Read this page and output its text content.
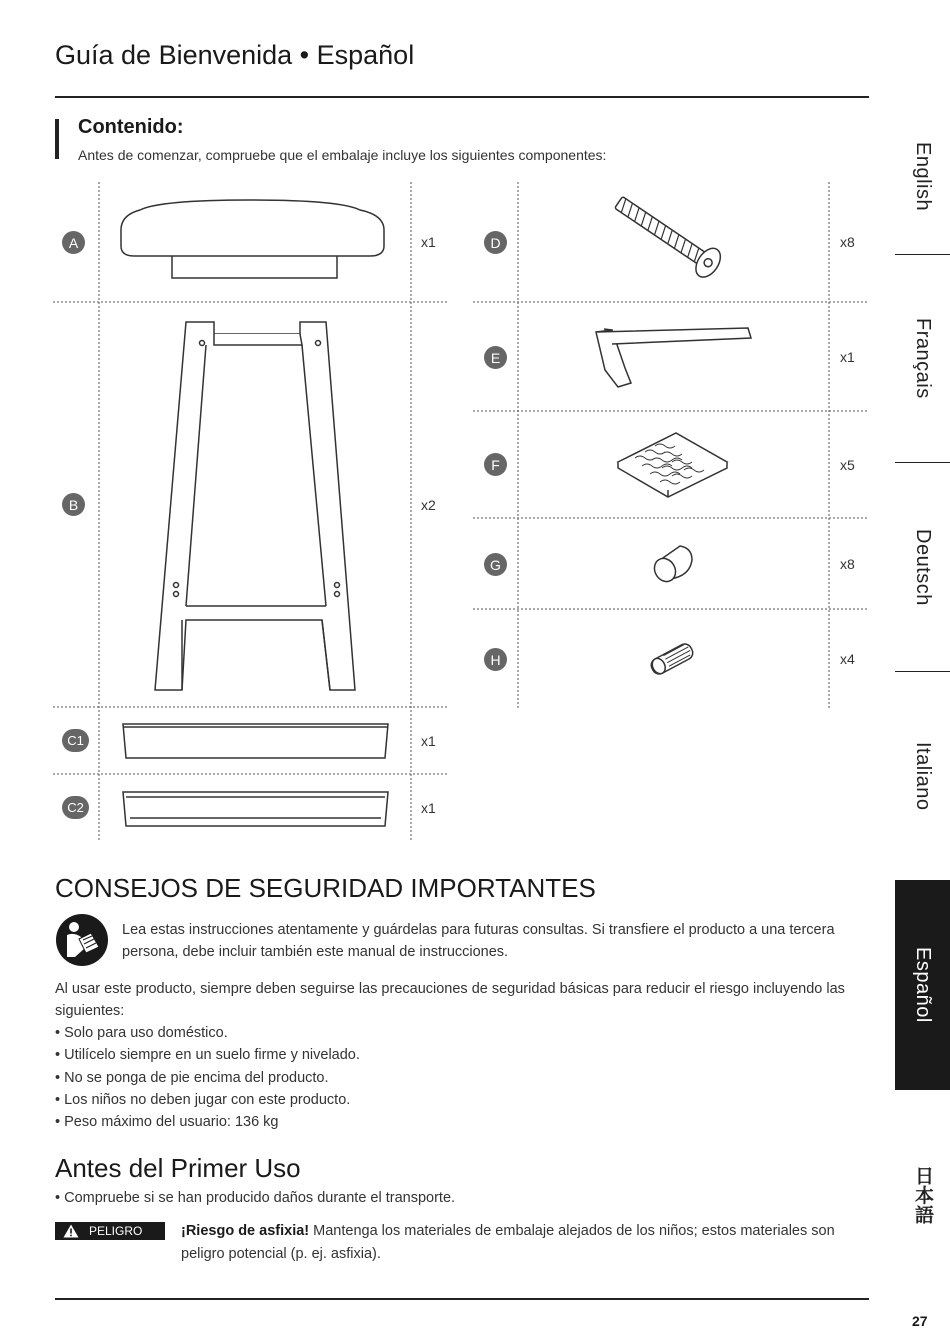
Guía de Bienvenida • Español
Contenido:
Antes de comenzar, compruebe que el embalaje incluye los siguientes componentes:
A	x1
B	x2
C1	x1
C2	x1
D	x8
E	x1
F	x5
G	x8
H	x4
CONSEJOS DE SEGURIDAD IMPORTANTES
Lea estas instrucciones atentamente y guárdelas para futuras consultas. Si transfiere el producto a una tercera persona, debe incluir también este manual de instrucciones.
Al usar este producto, siempre deben seguirse las precauciones de seguridad básicas para reducir el riesgo incluyendo las siguientes:
• Solo para uso doméstico.
• Utilícelo siempre en un suelo firme y nivelado.
• No se ponga de pie encima del producto.
• Los niños no deben jugar con este producto.
• Peso máximo del usuario: 136 kg
Antes del Primer Uso
• Compruebe si se han producido daños durante el transporte.
PELIGRO	¡Riesgo de asfixia! Mantenga los materiales de embalaje alejados de los niños; estos materiales son peligro potencial (p. ej. asfixia).
27
English
Français
Deutsch
Italiano
Español
日本語
